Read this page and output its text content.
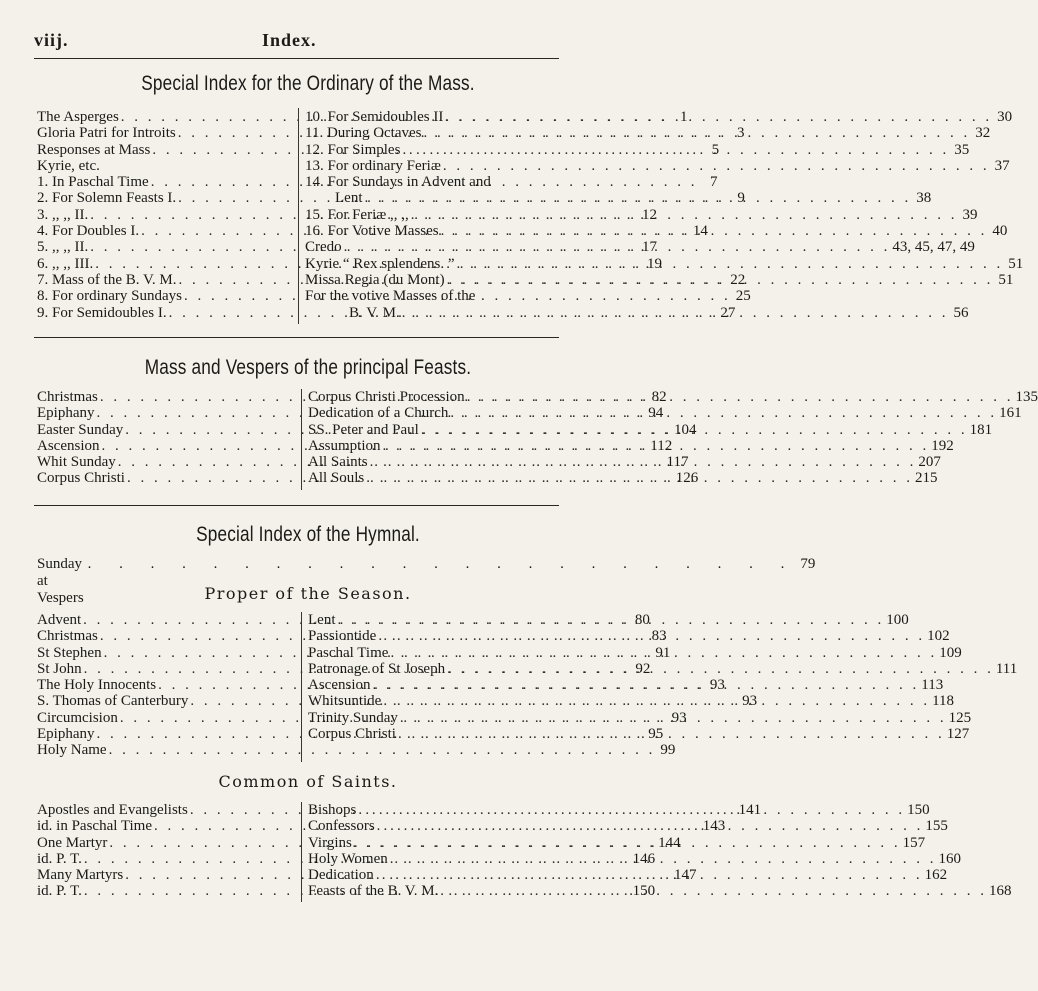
viij.	Index.
Special Index for the Ordinary of the Mass.
The Asperges . . .	1
Gloria Patri for Introits . . .	3
Responses at Mass . . .	5
Kyrie, etc.
1. In Paschal Time . . .	7
2. For Solemn Feasts I. . . .	9
3. ,, ,, II. . . .	12
4. For Doubles I. . . .	14
5. ,, ,, II. . . .	17
6. ,, ,, III. . . .	19
7. Mass of the B. V. M. . . .	22
8. For ordinary Sundays . . .	25
9. For Semidoubles I. . . .	27
10. For Semidoubles II . . .	30
11. During Octaves . . .	32
12. For Simples . . .	35
13. For ordinary Feriæ . . .	37
14. For Sundays in Advent and
Lent . . .	38
15. For Feriæ ,, ,, . . .	39
16. For Votive Masses . . .	40
Credo . . .	43, 45, 47, 49
Kyrie “ Rex splendens. ” . . .	51
Missa Regia (du Mont) . . .	51
For the votive Masses of the
B. V. M. . . .	56
Mass and Vespers of the principal Feasts.
Christmas . . .	82
Epiphany . . .	94
Easter Sunday . . .	104
Ascension . . .	112
Whit Sunday . . .	117
Corpus Christi . . .	126
Corpus Christi Procession . . .	135
Dedication of a Church . . .	161
SS. Peter and Paul . . .	181
Assumption . . .	192
All Saints . . .	207
All Souls . . .	215
Special Index of the Hymnal.
Sunday at Vespers
. . . . . . . . . . . . . . . . . . . . . . . 79
Proper of the Season.
Advent . . .	80
Christmas . . .	83
St Stephen . . .	91
St John . . .	92
The Holy Innocents . . .	93
S. Thomas of Canterbury . . .	93
Circumcision . . .	93
Epiphany . . .	95
Holy Name . . .	99
Lent . . .	100
Passiontide . . .	102
Paschal Time . . .	109
Patronage of St Joseph . . .	111
Ascension . . .	113
Whitsuntide . . .	118
Trinity Sunday . . .	125
Corpus Christi . . .	127
Common of Saints.
Apostles and Evangelists . . .	141
id. in Paschal Time . . .	143
One Martyr . . .	144
id. P. T. . . .	146
Many Martyrs . . .	147
id. P. T. . . .	150
Bishops . . .	150
Confessors . . .	155
Virgins . . .	157
Holy Women . . .	160
Dedication . . .	162
Feasts of the B. V. M. . . .	168
